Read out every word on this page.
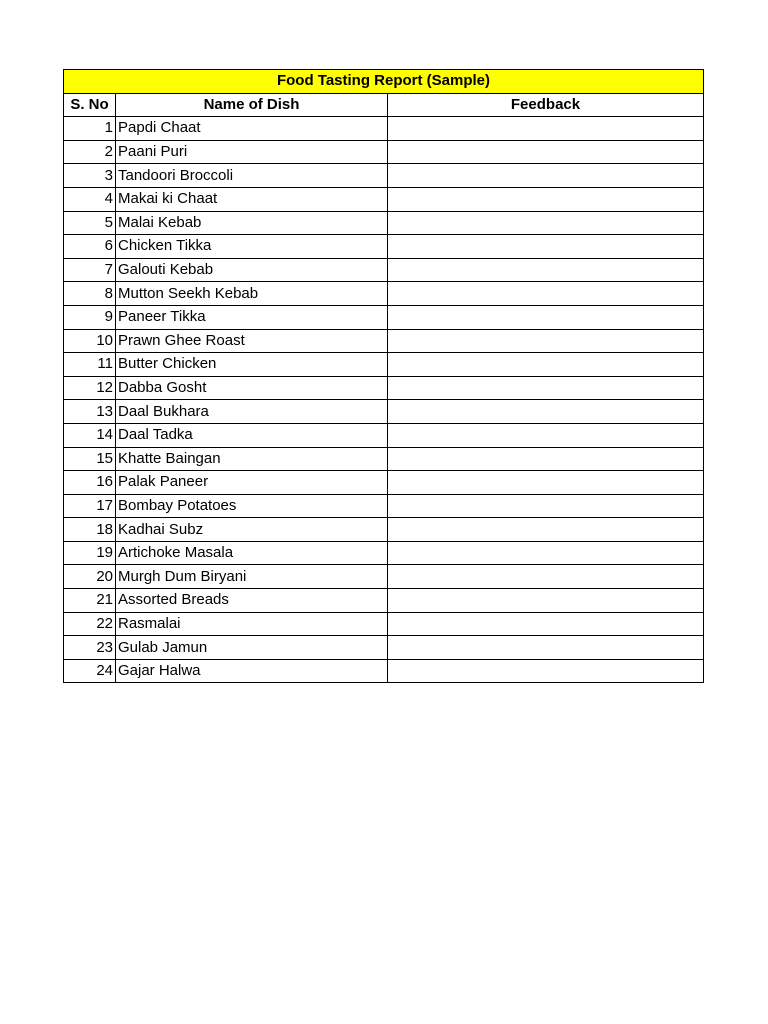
Food Tasting Report (Sample)		
S. No	Name of Dish	Feedback
1	Papdi Chaat	
2	Paani Puri	
3	Tandoori Broccoli	
4	Makai ki Chaat	
5	Malai Kebab	
6	Chicken Tikka	
7	Galouti Kebab	
8	Mutton Seekh Kebab	
9	Paneer Tikka	
10	Prawn Ghee Roast	
11	Butter Chicken	
12	Dabba Gosht	
13	Daal Bukhara	
14	Daal Tadka	
15	Khatte Baingan	
16	Palak Paneer	
17	Bombay Potatoes	
18	Kadhai Subz	
19	Artichoke Masala	
20	Murgh Dum Biryani	
21	Assorted Breads	
22	Rasmalai	
23	Gulab Jamun	
24	Gajar Halwa	
